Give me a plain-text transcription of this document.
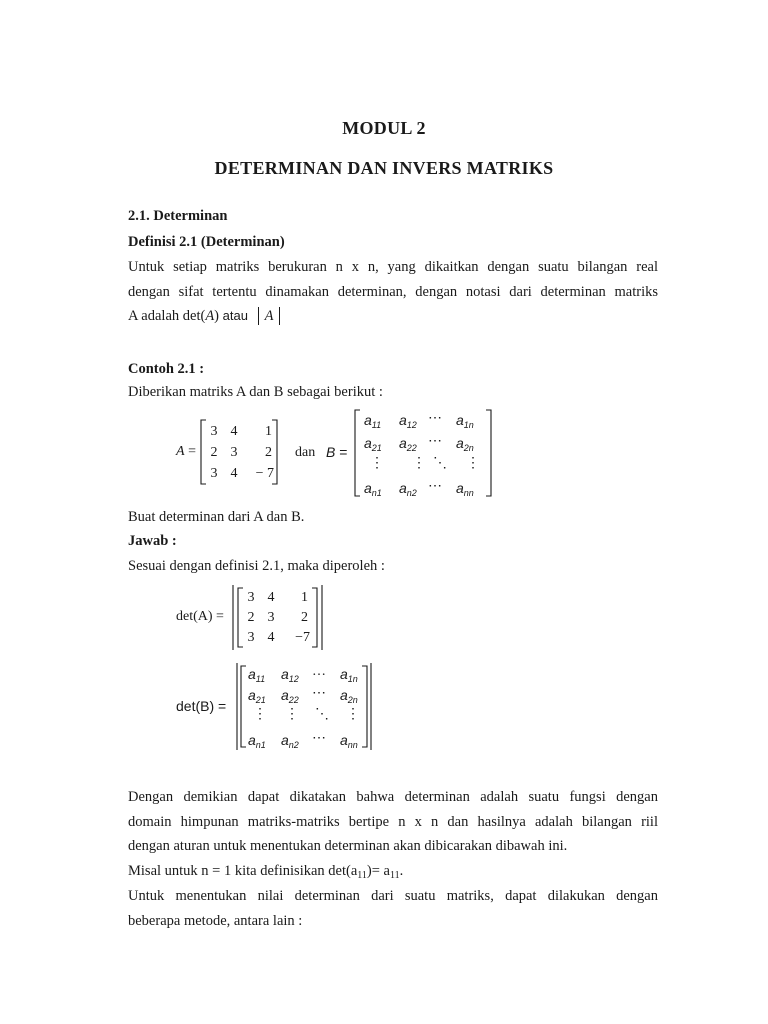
MODUL 2
DETERMINAN DAN INVERS MATRIKS
2.1. Determinan
Definisi 2.1 (Determinan)
Untuk setiap matriks berukuran n x n, yang dikaitkan dengan suatu bilangan real
dengan sifat tertentu dinamakan determinan, dengan notasi dari determinan matriks
A adalah det(A) atau A
Contoh 2.1 :
Diberikan matriks A dan B sebagai berikut :
A =
3 4	1
2 3	2
3 4	− 7
dan B =
$a_{11}$ $a_{12}$ ⋯ $a_{1n}$
$a_{21}$ $a_{22}$ ⋯ $a_{2n}$
⋮ ⋮ ⋱ ⋮
$a_{n1}$ $a_{n2}$ ⋯ $a_{nn}$
Buat determinan dari A dan B.
Jawab :
Sesuai dengan definisi 2.1, maka diperoleh :
det(A) =
3 4	1
2 3	2
3 4	−7
det(B) =
$a_{11}$ $a_{12}$ … $a_{1n}$
$a_{21}$ $a_{22}$ ⋯ $a_{2n}$
⋮ ⋮ ⋱ ⋮
$a_{n1}$ $a_{n2}$ ⋯ $a_{nn}$
Dengan demikian dapat dikatakan bahwa determinan adalah suatu fungsi dengan
domain himpunan matriks-matriks bertipe n x n dan hasilnya adalah bilangan riil
dengan aturan untuk menentukan determinan akan dibicarakan dibawah ini.
Misal untuk n = 1 kita definisikan $\det(a_{11})= a_{11}$.
Untuk menentukan nilai determinan dari suatu matriks, dapat dilakukan dengan
beberapa metode, antara lain :
